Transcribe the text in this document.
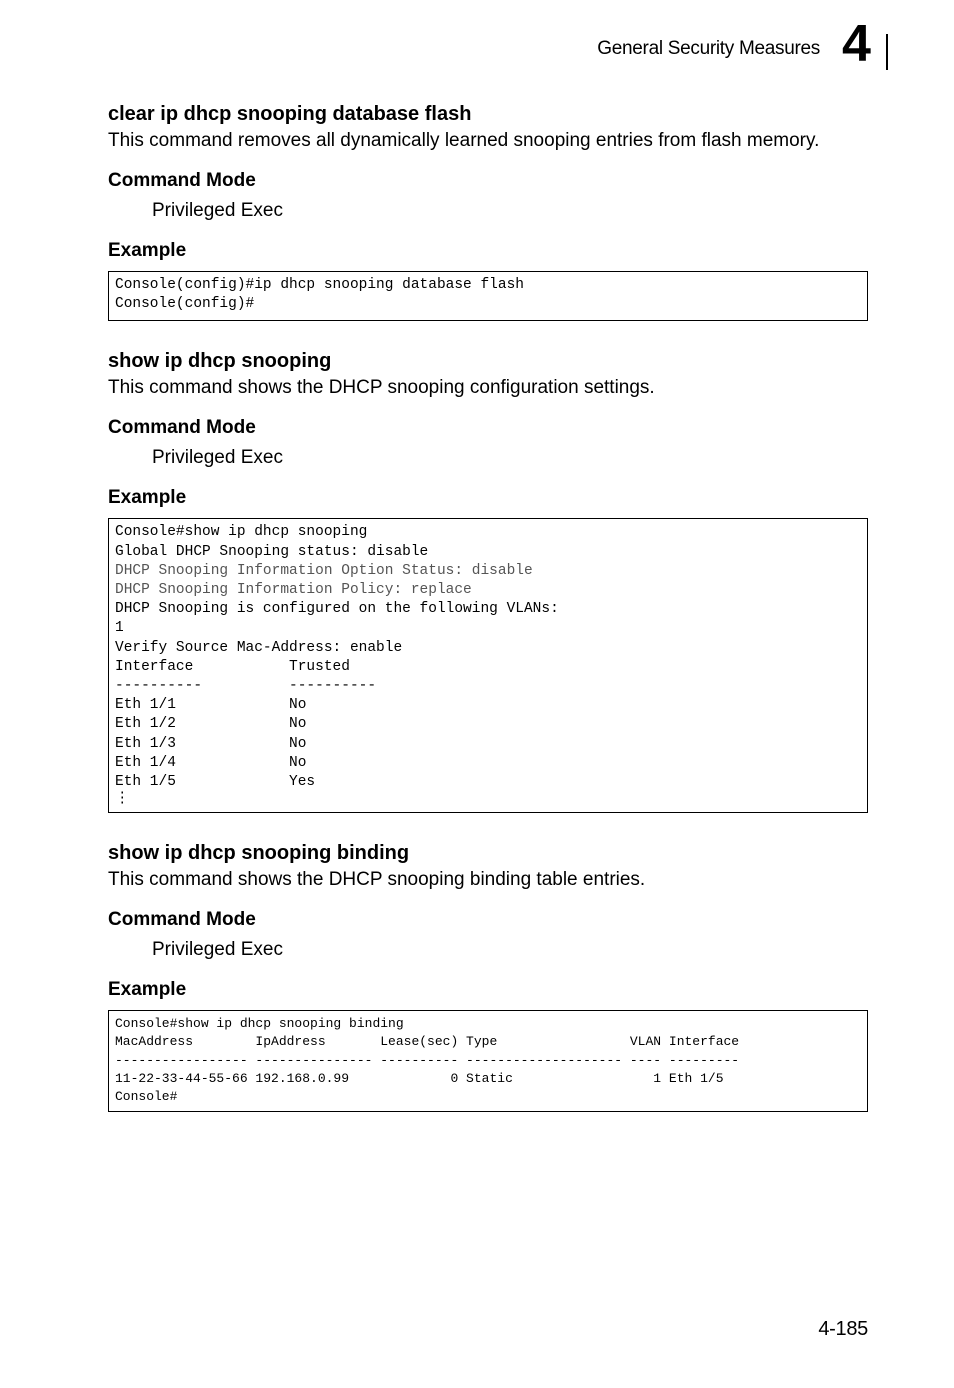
General Security Measures 4
clear ip dhcp snooping database flash

This command removes all dynamically learned snooping entries from flash memory.

Command Mode
Privileged Exec
Example
Console(config)#ip dhcp snooping database flash
Console(config)#
show ip dhcp snooping

This command shows the DHCP snooping configuration settings.

Command Mode
Privileged Exec
Example
Console#show ip dhcp snooping
Global DHCP Snooping status: disable
DHCP Snooping Information Option Status: disable
DHCP Snooping Information Policy: replace
DHCP Snooping is configured on the following VLANs:
1
Verify Source Mac-Address: enable
Interface           Trusted
----------          ----------
Eth 1/1             No
Eth 1/2             No
Eth 1/3             No
Eth 1/4             No
Eth 1/5             Yes
⋮
show ip dhcp snooping binding

This command shows the DHCP snooping binding table entries.

Command Mode
Privileged Exec
Example
Console#show ip dhcp snooping binding
MacAddress        IpAddress       Lease(sec) Type                 VLAN Interface
----------------- --------------- ---------- -------------------- ---- ---------
11-22-33-44-55-66 192.168.0.99             0 Static                  1 Eth 1/5
Console#
4-185
